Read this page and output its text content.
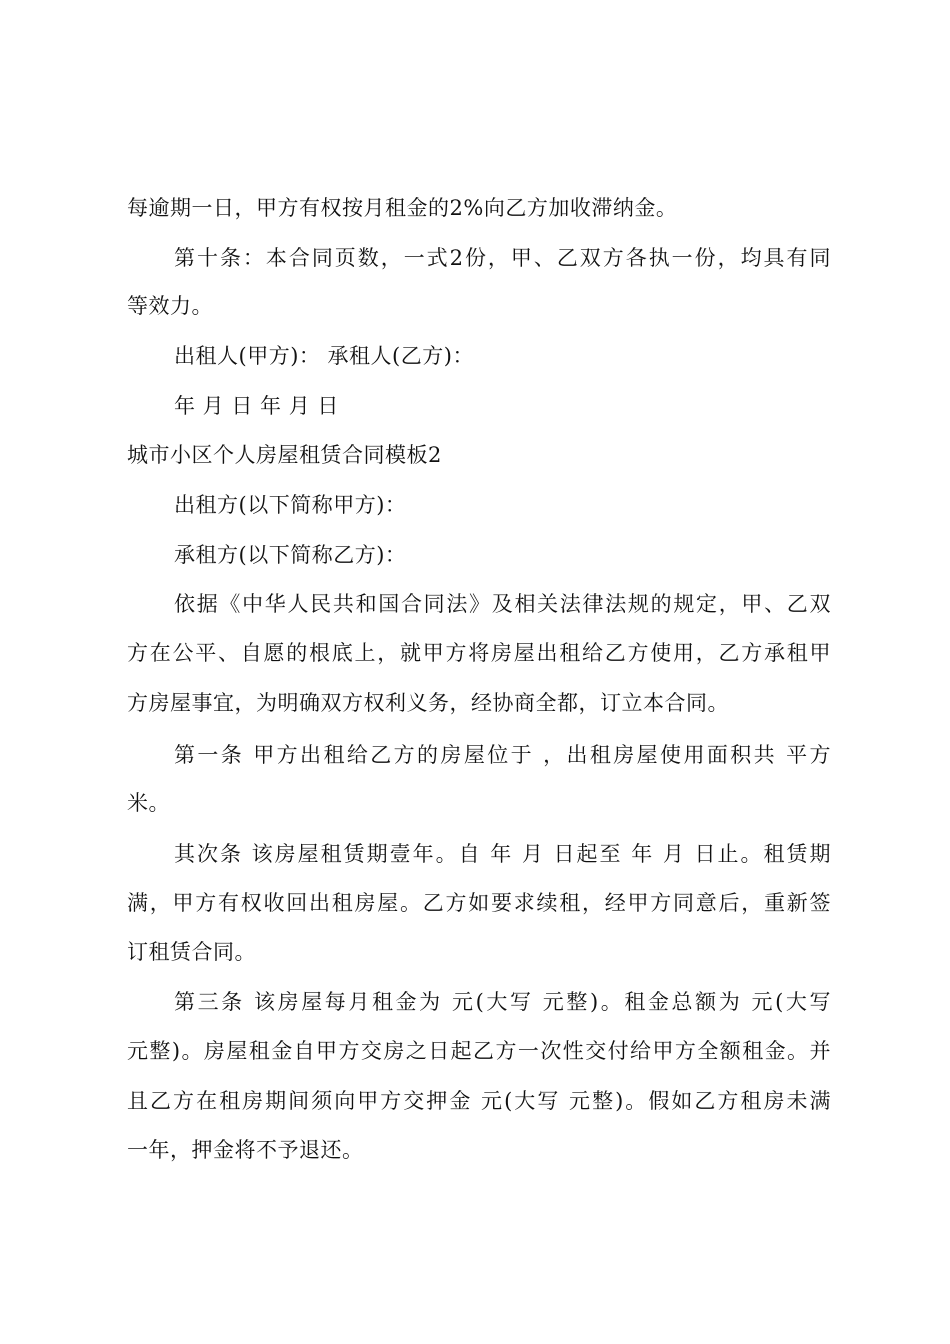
每逾期一日，甲方有权按月租金的2%向乙方加收滞纳金。
第十条：本合同页数，一式2份，甲、乙双方各执一份，均具有同
等效力。
出租人(甲方)： 承租人(乙方)：
年 月 日 年 月 日
城市小区个人房屋租赁合同模板2
出租方(以下简称甲方)：
承租方(以下简称乙方)：
依据《中华人民共和国合同法》及相关法律法规的规定，甲、乙双
方在公平、自愿的根底上，就甲方将房屋出租给乙方使用，乙方承租甲
方房屋事宜，为明确双方权利义务，经协商全都，订立本合同。
第一条 甲方出租给乙方的房屋位于 ，出租房屋使用面积共 平方
米。
其次条 该房屋租赁期壹年。自 年 月 日起至 年 月 日止。租赁期
满，甲方有权收回出租房屋。乙方如要求续租，经甲方同意后，重新签
订租赁合同。
第三条 该房屋每月租金为 元(大写 元整)。租金总额为 元(大写
元整)。房屋租金自甲方交房之日起乙方一次性交付给甲方全额租金。并
且乙方在租房期间须向甲方交押金 元(大写 元整)。假如乙方租房未满
一年，押金将不予退还。
